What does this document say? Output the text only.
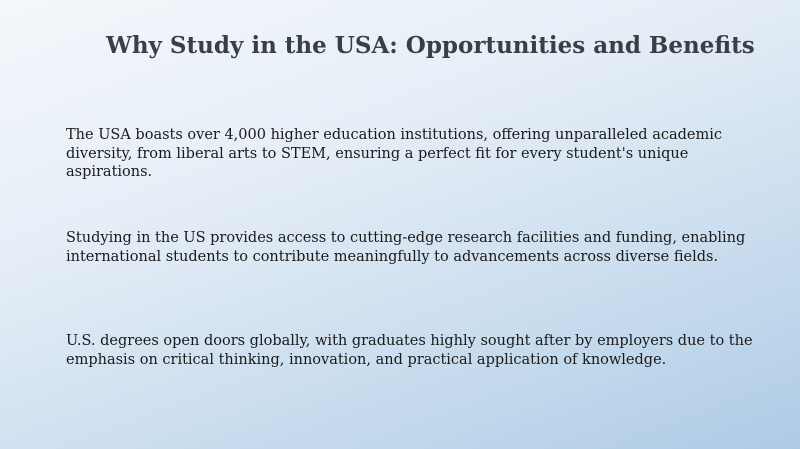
Why Study in the USA: Opportunities and Benefits

The USA boasts over 4,000 higher education institutions, offering unparalleled academic diversity, from liberal arts to STEM, ensuring a perfect fit for every student's unique aspirations.

Studying in the US provides access to cutting-edge research facilities and funding, enabling international students to contribute meaningfully to advancements across diverse fields.

U.S. degrees open doors globally, with graduates highly sought after by employers due to the emphasis on critical thinking, innovation, and practical application of knowledge.
